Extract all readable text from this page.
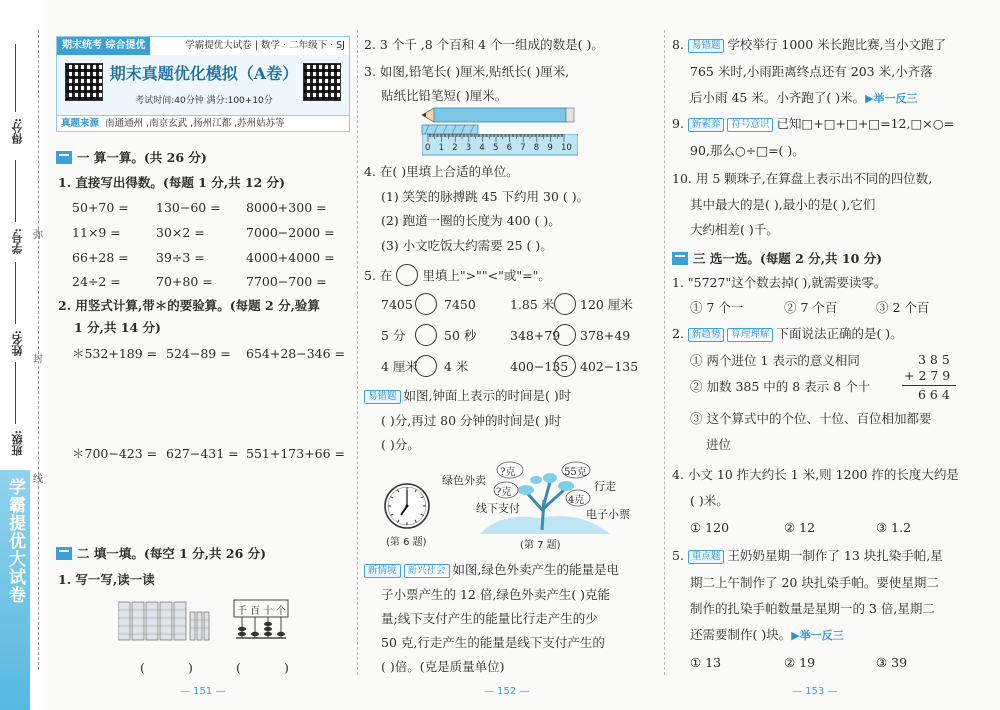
得分:
学号:
姓名:
班级:
弥
封
线
学霸提优大试卷
期末统考 综合提优	学霸提优大试卷 | 数学 · 二年级下 · SJ
期末真题优化模拟（A卷）
考试时间:40分钟 满分:100+10分
真题来源 南通通州 ,南京玄武 ,扬州江都 ,苏州姑苏等
一 算一算。(共 26 分)

1. 直接写出得数。(每题 1 分,共 12 分)

50+70 = 130−60 = 8000+300 =

11×9 =	30×2 =	7000−2000 =

66+28 = 39÷3 =	4000+4000 =

24÷2 =	70+80 =	7700−700 =

2. 用竖式计算,带＊的要验算。(每题 2 分,验算

1 分,共 14 分)

＊532+189 = 524−89 = 654+28−346 =

＊700−423 = 627−431 = 551+173+66 =

二 填一填。(每空 1 分,共 26 分)

1. 写一写,读一读

千 百 十 个

(	)	(	)

— 151 —

2. 3 个千 ,8 个百和 4 个一组成的数是( )。

3. 如图,铅笔长( )厘米,贴纸长( )厘米,

贴纸比铅笔短( )厘米。

0 1 2 3 4 5 6 7 8 9 10

4. 在( )里填上合适的单位。

(1) 笑笑的脉搏跳 45 下约用 30 ( )。

(2) 跑道一圈的长度为 400 ( )。

(3) 小文吃饭大约需要 25 ( )。

5. 在 里填上">""<"或"="。

7405 7450	1.85 米 120 厘米

5 分	50 秒	348+79 378+49

4 厘米 4 米	400−135 402−135

易错题 如图,钟面上表示的时间是( )时

( )分,再过 80 分钟的时间是( )时

( )分。

(第 6 题)

绿色外卖
?克	55克
?克
4克
行走
线下支付	电子小票

(第 7 题)

新情境 新兴社会 如图,绿色外卖产生的能量是电

子小票产生的 12 倍,绿色外卖产生( )克能

量;线下支付产生的能量比行走产生的少

50 克,行走产生的能量是线下支付产生的

( )倍。(克是质量单位)

— 152 —

8. 易错题 学校举行 1000 米长跑比赛,当小文跑了

765 米时,小雨距离终点还有 203 米,小齐落

后小雨 45 米。小齐跑了( )米。▶举一反三

9. 新素养 符号意识 已知□+□+□+□=12,□×○=

90,那么○÷□=( )。

10. 用 5 颗珠子,在算盘上表示出不同的四位数,

其中最大的是( ),最小的是( ),它们

大约相差( )千。

三 选一选。(每题 2 分,共 10 分)

1. "5727"这个数去掉( ),就需要读零。

① 7 个一	② 7 个百	③ 2 个百

2. 新趋势 算理理解 下面说法正确的是( )。

① 两个进位 1 表示的意义相同

② 加数 385 中的 8 表示 8 个十

③ 这个算式中的个位、十位、百位相加都要

进位

3 8 5

+ 2 7 9

6 6 4

4. 小文 10 拃大约长 1 米,则 1200 拃的长度大约是

( )米。

① 120	② 12	③ 1.2

5. 重点题 王奶奶星期一制作了 13 块扎染手帕,星

期二上午制作了 20 块扎染手帕。要使星期二

制作的扎染手帕数量是星期一的 3 倍,星期二

还需要制作( )块。▶举一反三

① 13	② 19	③ 39

— 153 —
